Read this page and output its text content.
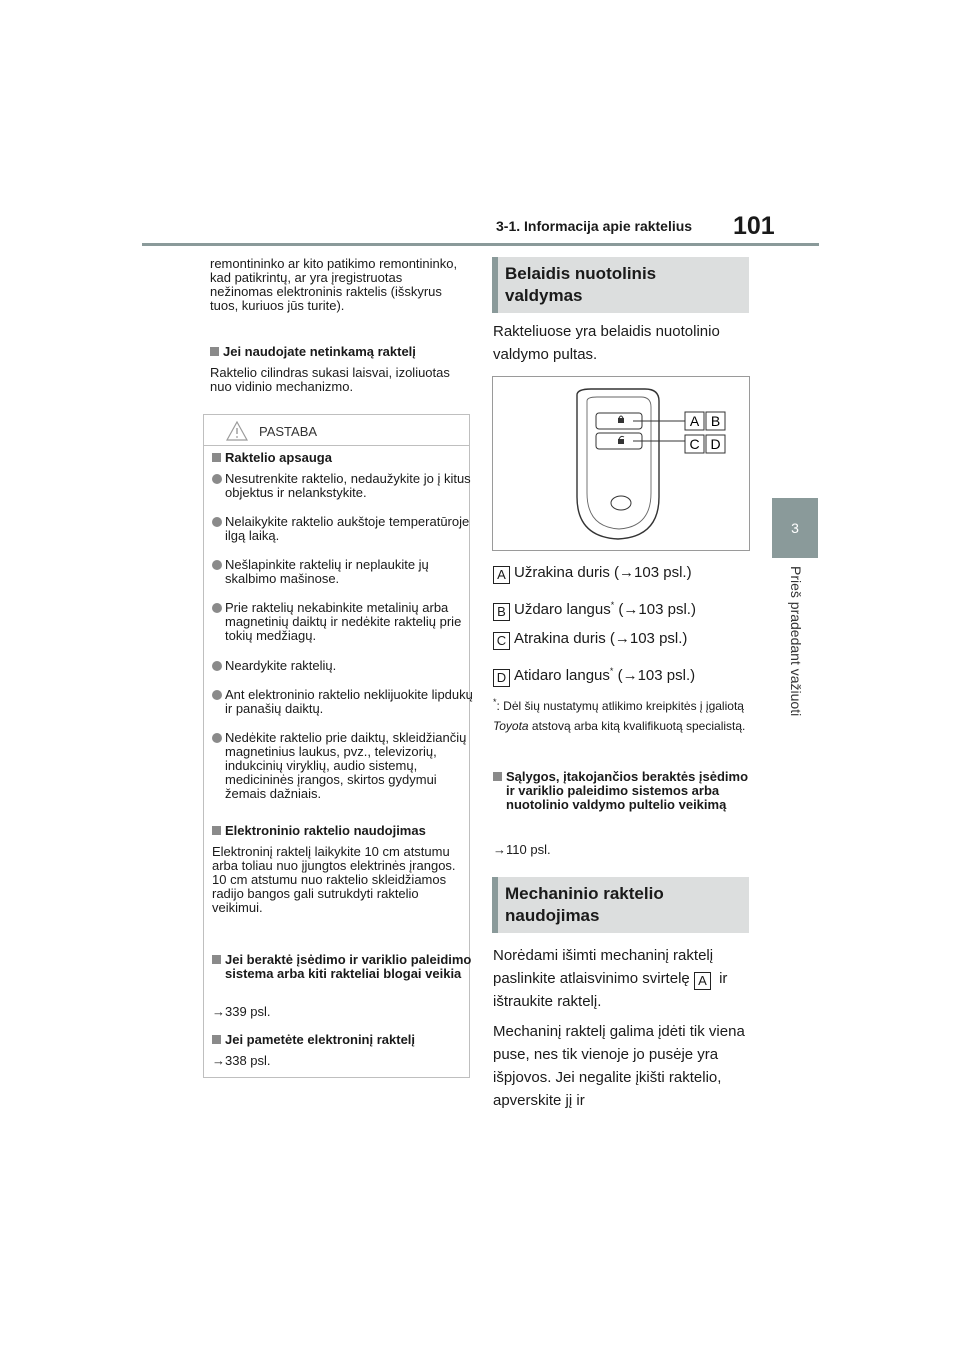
3-1. Informacija apie raktelius 101
3
Prieš pradedant važiuoti
remontininko ar kito patikimo remontininko, kad patikrintų, ar yra įregistruotas nežinomas elektroninis raktelis (išskyrus tuos, kuriuos jūs turite).
Jei naudojate netinkamą raktelį
Raktelio cilindras sukasi laisvai, izoliuotas nuo vidinio mechanizmo.
PASTABA
Raktelio apsauga
Nesutrenkite raktelio, nedaužykite jo į kitus objektus ir nelankstykite.
Nelaikykite raktelio aukštoje temperatūroje ilgą laiką.
Nešlapinkite raktelių ir neplaukite jų skalbimo mašinose.
Prie raktelių nekabinkite metalinių arba magnetinių daiktų ir nedėkite raktelių prie tokių medžiagų.
Neardykite raktelių.
Ant elektroninio raktelio neklijuokite lipdukų ir panašių daiktų.
Nedėkite raktelio prie daiktų, skleidžiančių magnetinius laukus, pvz., televizorių, indukcinių viryklių, audio sistemų, medicininės įrangos, skirtos gydymui žemais dažniais.
Elektroninio raktelio naudojimas
Elektroninį raktelį laikykite 10 cm atstumu arba toliau nuo įjungtos elektrinės įrangos. 10 cm atstumu nuo raktelio skleidžiamos radijo bangos gali sutrukdyti raktelio veikimui.
Jei beraktė įsėdimo ir variklio paleidimo sistema arba kiti rakteliai blogai veikia
→339 psl.
Jei pametėte elektroninį raktelį
→338 psl.
Belaidis nuotolinis valdymas
Rakteliuose yra belaidis nuotolinio valdymo pultas.
A B
C D
A Užrakina duris (→103 psl.)
B Uždaro langus* (→103 psl.)
C Atrakina duris (→103 psl.)
D Atidaro langus* (→103 psl.)
*: Dėl šių nustatymų atlikimo kreipkitės į įgaliotą Toyota atstovą arba kitą kvalifikuotą specialistą.
Sąlygos, įtakojančios beraktės įsėdimo ir variklio paleidimo sistemos arba nuotolinio valdymo pultelio veikimą
→110 psl.
Mechaninio raktelio naudojimas
Norėdami išimti mechaninį raktelį paslinkite atlaisvinimo svirtelę A ir ištraukite raktelį.
Mechaninį raktelį galima įdėti tik viena puse, nes tik vienoje jo pusėje yra išpjovos. Jei negalite įkišti raktelio, apverskite jį ir
